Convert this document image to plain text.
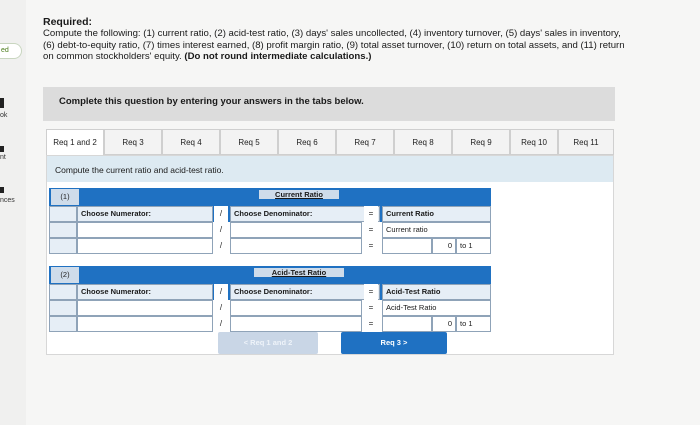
ed
ok
nt
nces
Required:
Compute the following: (1) current ratio, (2) acid-test ratio, (3) days' sales uncollected, (4) inventory turnover, (5) days' sales in inventory,
(6) debt-to-equity ratio, (7) times interest earned, (8) profit margin ratio, (9) total asset turnover, (10) return on total assets, and (11) return
on common stockholders' equity. (Do not round intermediate calculations.)
Complete this question by entering your answers in the tabs below.
Req 1 and 2	Req 3	Req 4	Req 5	Req 6	Req 7	Req 8	Req 9	Req 10	Req 11
Compute the current ratio and acid-test ratio.
(1)	Current Ratio
Choose Numerator:	/	Choose Denominator:	=	Current Ratio
/	=	Current ratio
/	=	0	to 1
(2)	Acid-Test Ratio
Choose Numerator:	/	Choose Denominator:	=	Acid-Test Ratio
/	=	Acid-Test Ratio
/	=	0	to 1
< Req 1 and 2	Req 3 >
